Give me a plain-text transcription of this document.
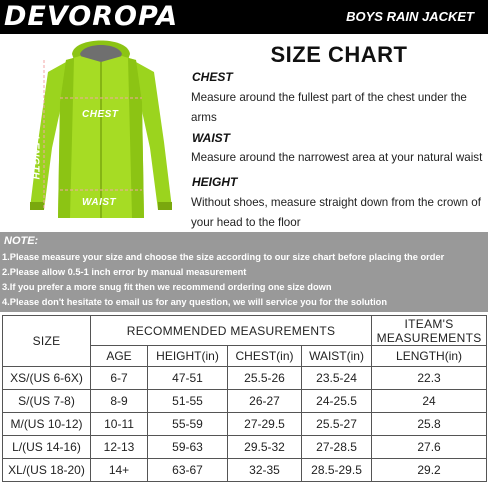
DEVOROPA	BOYS RAIN JACKET
CHEST
WAIST
LENGTH
SIZE CHART
CHEST
Measure around the fullest part of the chest under the arms
WAIST
Measure around the narrowest area at your natural waist
HEIGHT
Without shoes, measure straight down from the crown of your head to the floor
NOTE:
1.Please measure your size and choose the size according to our size chart before placing the order
2.Please allow 0.5-1 inch error by manual measurement
3.If you prefer a more snug fit then we recommend ordering one size down
4.Please don't hesitate to email us for any question, we will service you for the solution
SIZE	RECOMMENDED MEASUREMENTS				ITEAM'S MEASUREMENTS
	AGE	HEIGHT(in)	CHEST(in)	WAIST(in)	LENGTH(in)
XS/(US 6-6X)	6-7	47-51	25.5-26	23.5-24	22.3
S/(US 7-8)	8-9	51-55	26-27	24-25.5	24
M/(US 10-12)	10-11	55-59	27-29.5	25.5-27	25.8
L/(US 14-16)	12-13	59-63	29.5-32	27-28.5	27.6
XL/(US 18-20)	14+	63-67	32-35	28.5-29.5	29.2
